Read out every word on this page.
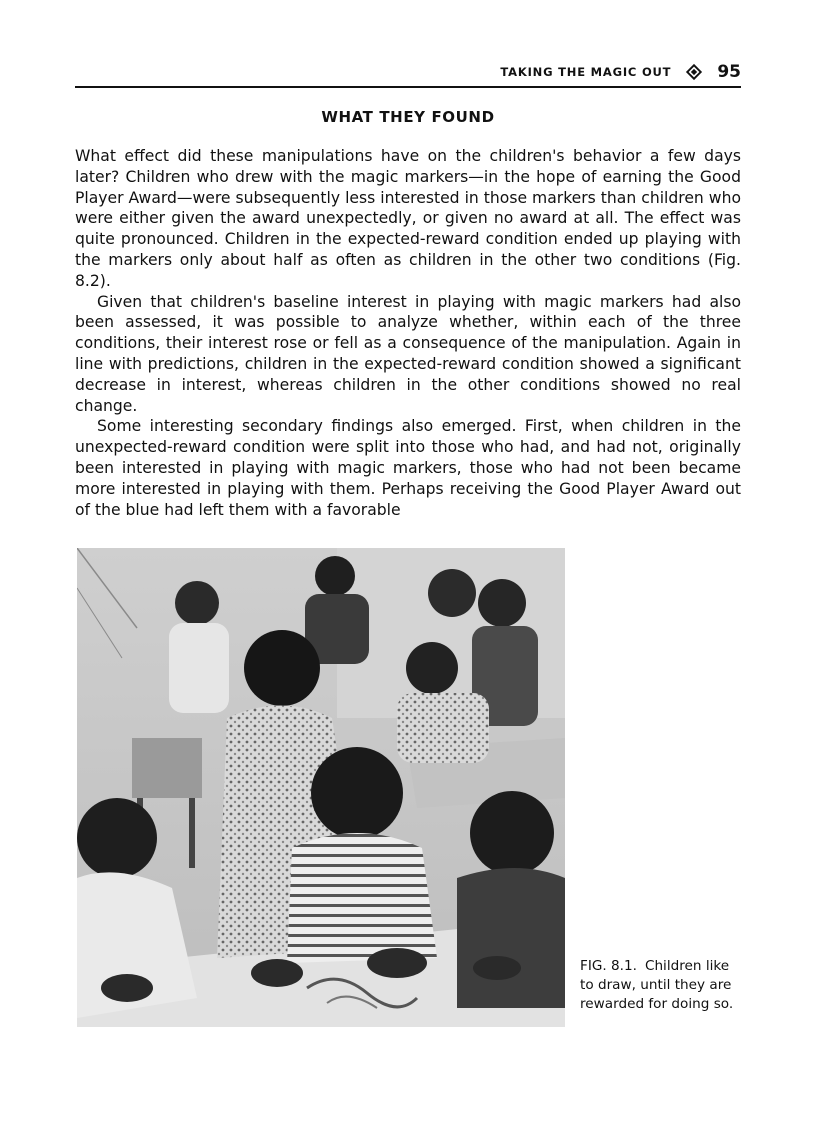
TAKING THE MAGIC OUT	95
WHAT THEY FOUND

What effect did these manipulations have on the children's behavior a few days later? Children who drew with the magic markers—in the hope of earning the Good Player Award—were subsequently less interested in those markers than children who were either given the award unexpectedly, or given no award at all. The effect was quite pronounced. Children in the expected-reward condition ended up playing with the markers only about half as often as children in the other two conditions (Fig. 8.2).

Given that children's baseline interest in playing with magic markers had also been assessed, it was possible to analyze whether, within each of the three conditions, their interest rose or fell as a consequence of the manipulation. Again in line with predictions, children in the expected-reward condition showed a significant decrease in interest, whereas children in the other conditions showed no real change.

Some interesting secondary findings also emerged. First, when children in the unexpected-reward condition were split into those who had, and had not, originally been interested in playing with magic markers, those who had not been became more interested in playing with them. Perhaps receiving the Good Player Award out of the blue had left them with a favorable

FIG. 8.1. Children like to draw, until they are rewarded for doing so.
